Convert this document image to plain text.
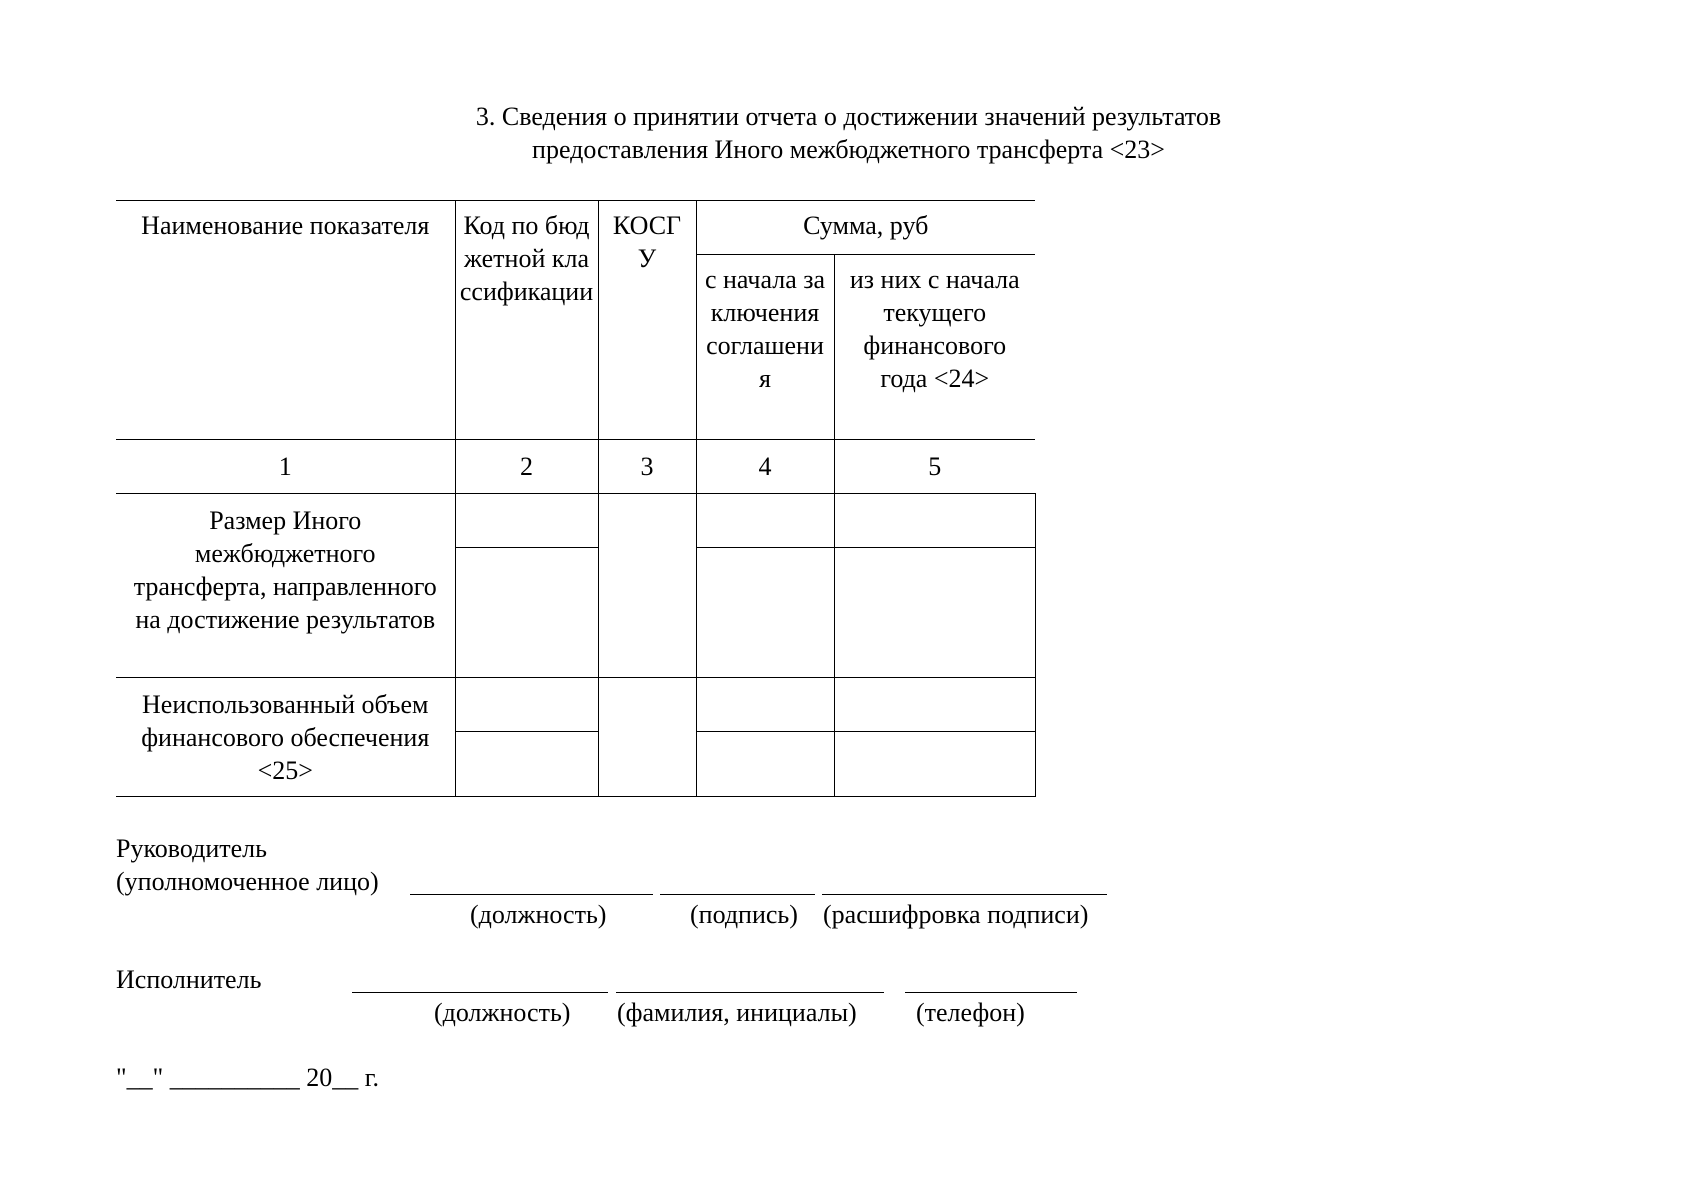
3. Сведения о принятии отчета о достижении значений результатов
предоставления Иного межбюджетного трансферта <23>
Наименование показателя	Код по бюджетной классификации	КОСГУ	Сумма, руб	

			с начала заключения соглашения	из них с начала текущего финансового года <24>

1	2	3	4	5

Размер Иного межбюджетного трансферта, направленного на достижение результатов				

Неиспользованный объем финансового обеспечения <25>				

Руководитель
(уполномоченное лицо)
(должность)	(подпись) (расшифровка подписи)
Исполнитель
(должность) (фамилия, инициалы) (телефон)
"__" __________ 20__ г.
